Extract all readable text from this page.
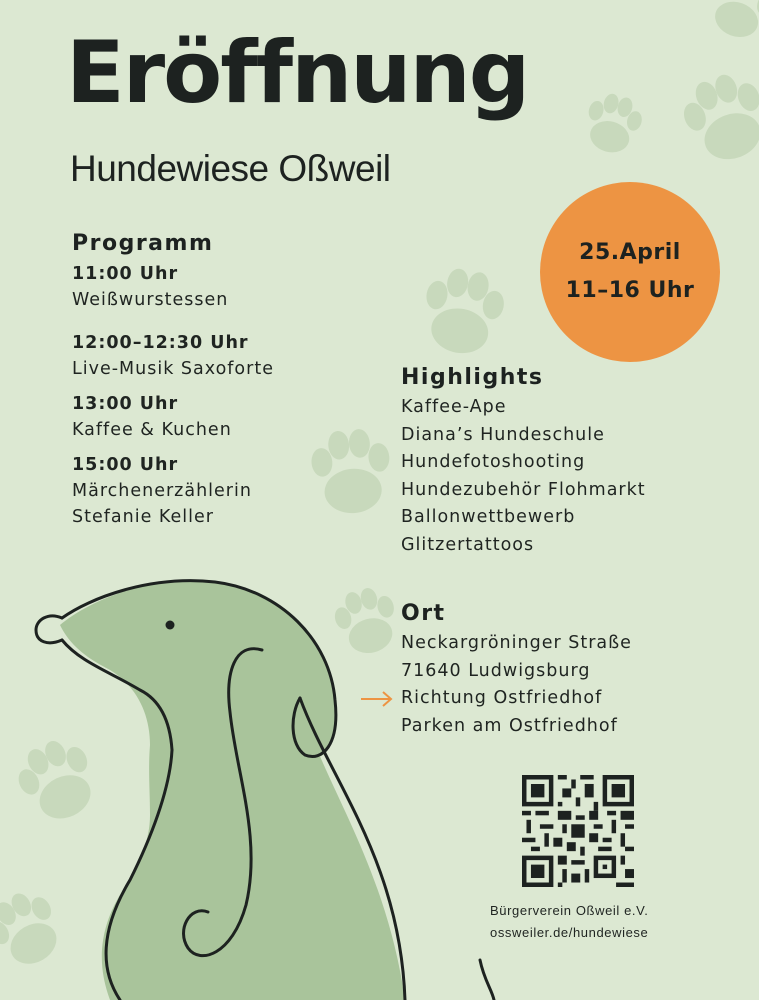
Eröffnung
Hundewiese Oßweil
25.April
11–16 Uhr
Programm
11:00 Uhr
Weißwurstessen
12:00–12:30 Uhr
Live-Musik Saxoforte
13:00 Uhr
Kaffee & Kuchen
15:00 Uhr
Märchenerzählerin
Stefanie Keller
Highlights
Kaffee-Ape
Diana’s Hundeschule
Hundefotoshooting
Hundezubehör Flohmarkt
Ballonwettbewerb
Glitzertattoos
Ort
Neckargröninger Straße
71640 Ludwigsburg
Richtung Ostfriedhof
Parken am Ostfriedhof
Bürgerverein Oßweil e.V.
ossweiler.de/hundewiese
